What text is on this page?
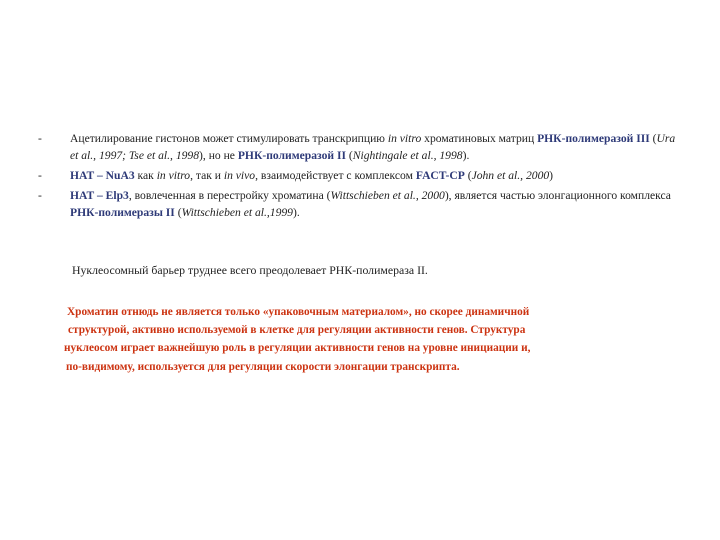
-	Ацетилирование гистонов может стимулировать транскрипцию in vitro хроматиновых матриц РНК-полимеразой III (Ura et al., 1997; Tse et al., 1998), но не РНК-полимеразой II (Nightingale et al., 1998).
-	HAT – NuA3 как in vitro, так и in vivo, взаимодействует с комплексом FACT-CP (John et al., 2000)
-	HAT – Elp3, вовлеченная в перестройку хроматина (Wittschieben et al., 2000), является частью элонгационного комплекса РНК-полимеразы II (Wittschieben et al.,1999).
Нуклеосомный барьер труднее всего преодолевает РНК-полимераза II.
Хроматин отнюдь не является только «упаковочным материалом», но скорее динамичной
структурой, активно используемой в клетке для регуляции активности генов. Структура
нуклеосом играет важнейшую роль в регуляции активности генов на уровне инициации и,
по-видимому, используется для регуляции скорости элонгации транскрипта.
